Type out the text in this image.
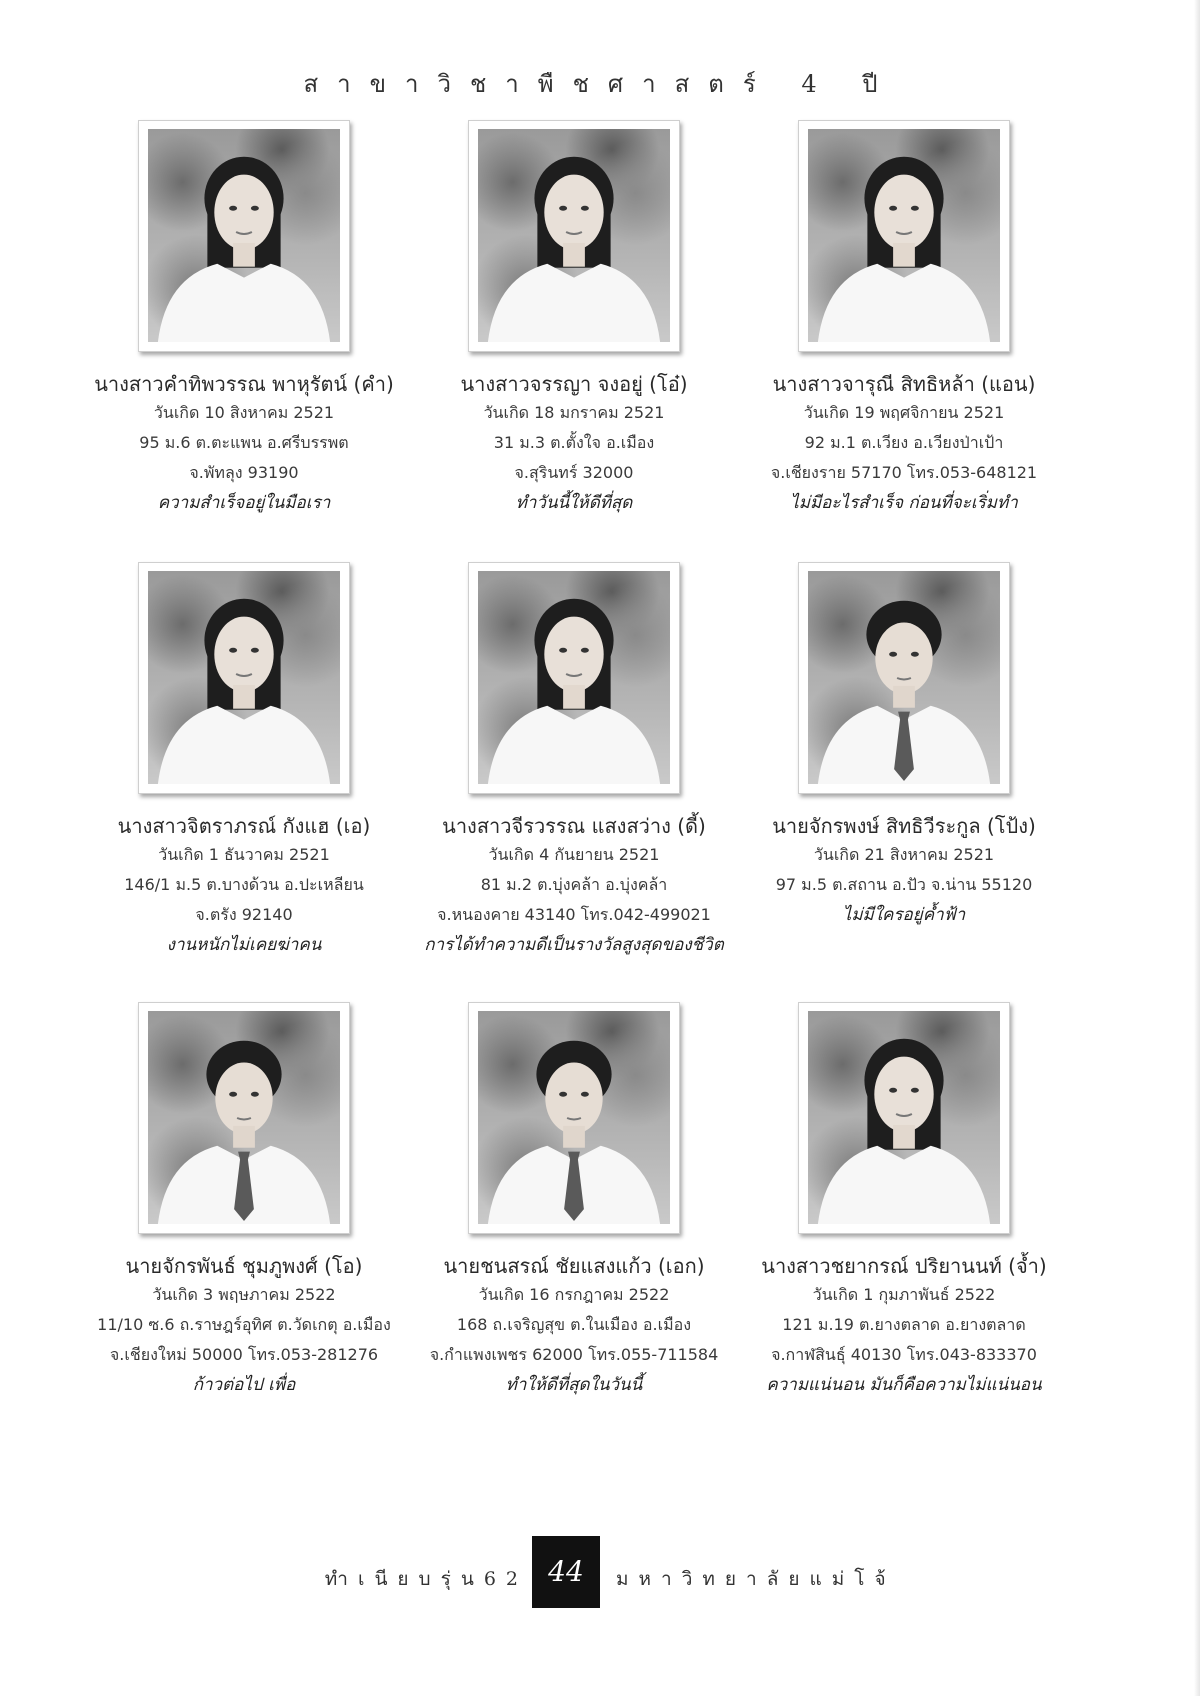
สาขาวิชาพืชศาสตร์ 4 ปี
นางสาวคำทิพวรรณ พาหุรัตน์ (คำ)
วันเกิด 10 สิงหาคม 2521
95 ม.6 ต.ตะแพน อ.ศรีบรรพต
จ.พัทลุง 93190
ความสำเร็จอยู่ในมือเรา
นางสาวจรรญา จงอยู่ (โอ๋)
วันเกิด 18 มกราคม 2521
31 ม.3 ต.ตั้งใจ อ.เมือง
จ.สุรินทร์ 32000
ทำวันนี้ให้ดีที่สุด
นางสาวจารุณี สิทธิหล้า (แอน)
วันเกิด 19 พฤศจิกายน 2521
92 ม.1 ต.เวียง อ.เวียงป่าเป้า
จ.เชียงราย 57170 โทร.053-648121
ไม่มีอะไรสำเร็จ ก่อนที่จะเริ่มทำ
นางสาวจิตราภรณ์ กังแฮ (เอ)
วันเกิด 1 ธันวาคม 2521
146/1 ม.5 ต.บางด้วน อ.ปะเหลียน
จ.ตรัง 92140
งานหนักไม่เคยฆ่าคน
นางสาวจีรวรรณ แสงสว่าง (ดี้)
วันเกิด 4 กันยายน 2521
81 ม.2 ต.บุ่งคล้า อ.บุ่งคล้า
จ.หนองคาย 43140 โทร.042-499021
การได้ทำความดีเป็นรางวัลสูงสุดของชีวิต
นายจักรพงษ์ สิทธิวีระกูล (โป้ง)
วันเกิด 21 สิงหาคม 2521
97 ม.5 ต.สถาน อ.ปัว จ.น่าน 55120
ไม่มีใครอยู่ค้ำฟ้า
นายจักรพันธ์ ชุมภูพงศ์ (โอ)
วันเกิด 3 พฤษภาคม 2522
11/10 ซ.6 ถ.ราษฎร์อุทิศ ต.วัดเกตุ อ.เมือง
จ.เชียงใหม่ 50000 โทร.053-281276
ก้าวต่อไป เพื่อ
นายชนสรณ์ ชัยแสงแก้ว (เอก)
วันเกิด 16 กรกฎาคม 2522
168 ถ.เจริญสุข ต.ในเมือง อ.เมือง
จ.กำแพงเพชร 62000 โทร.055-711584
ทำให้ดีที่สุดในวันนี้
นางสาวชยากรณ์ ปริยานนท์ (จ้ำ)
วันเกิด 1 กุมภาพันธ์ 2522
121 ม.19 ต.ยางตลาด อ.ยางตลาด
จ.กาฬสินธุ์ 40130 โทร.043-833370
ความแน่นอน มันก็คือความไม่แน่นอน
ทำเนียบรุ่น62 44	มหาวิทยาลัยแม่โจ้
